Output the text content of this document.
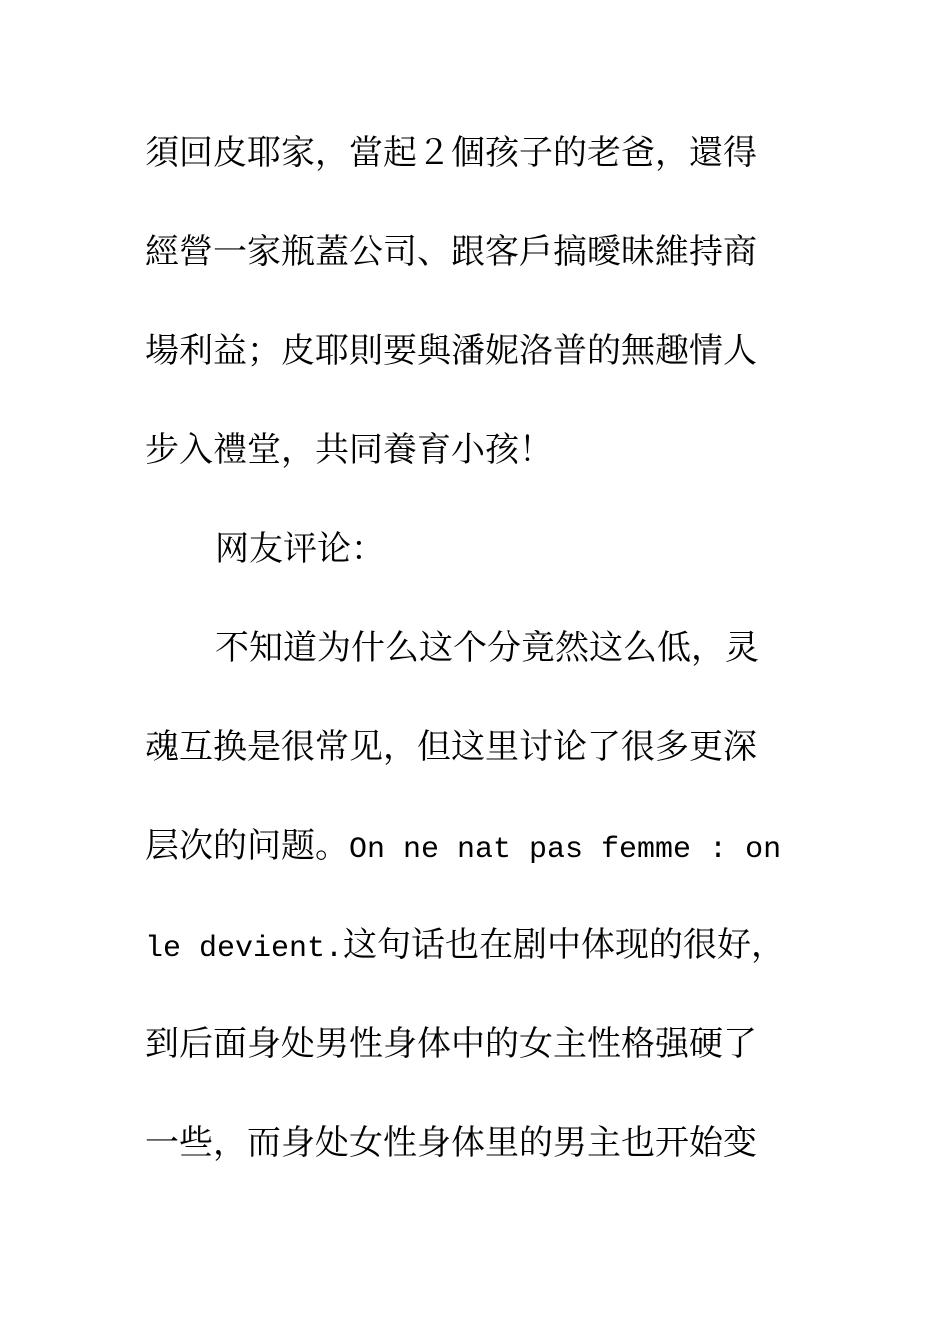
須回皮耶家，當起２個孩子的老爸，還得
經營一家瓶蓋公司、跟客戶搞曖昧維持商
場利益；皮耶則要與潘妮洛普的無趣情人
步入禮堂，共同養育小孩！
网友评论：
不知道为什么这个分竟然这么低，灵
魂互换是很常见，但这里讨论了很多更深
层次的问题。On ne nat pas femme : on
le devient.这句话也在剧中体现的很好，
到后面身处男性身体中的女主性格强硬了
一些，而身处女性身体里的男主也开始变
